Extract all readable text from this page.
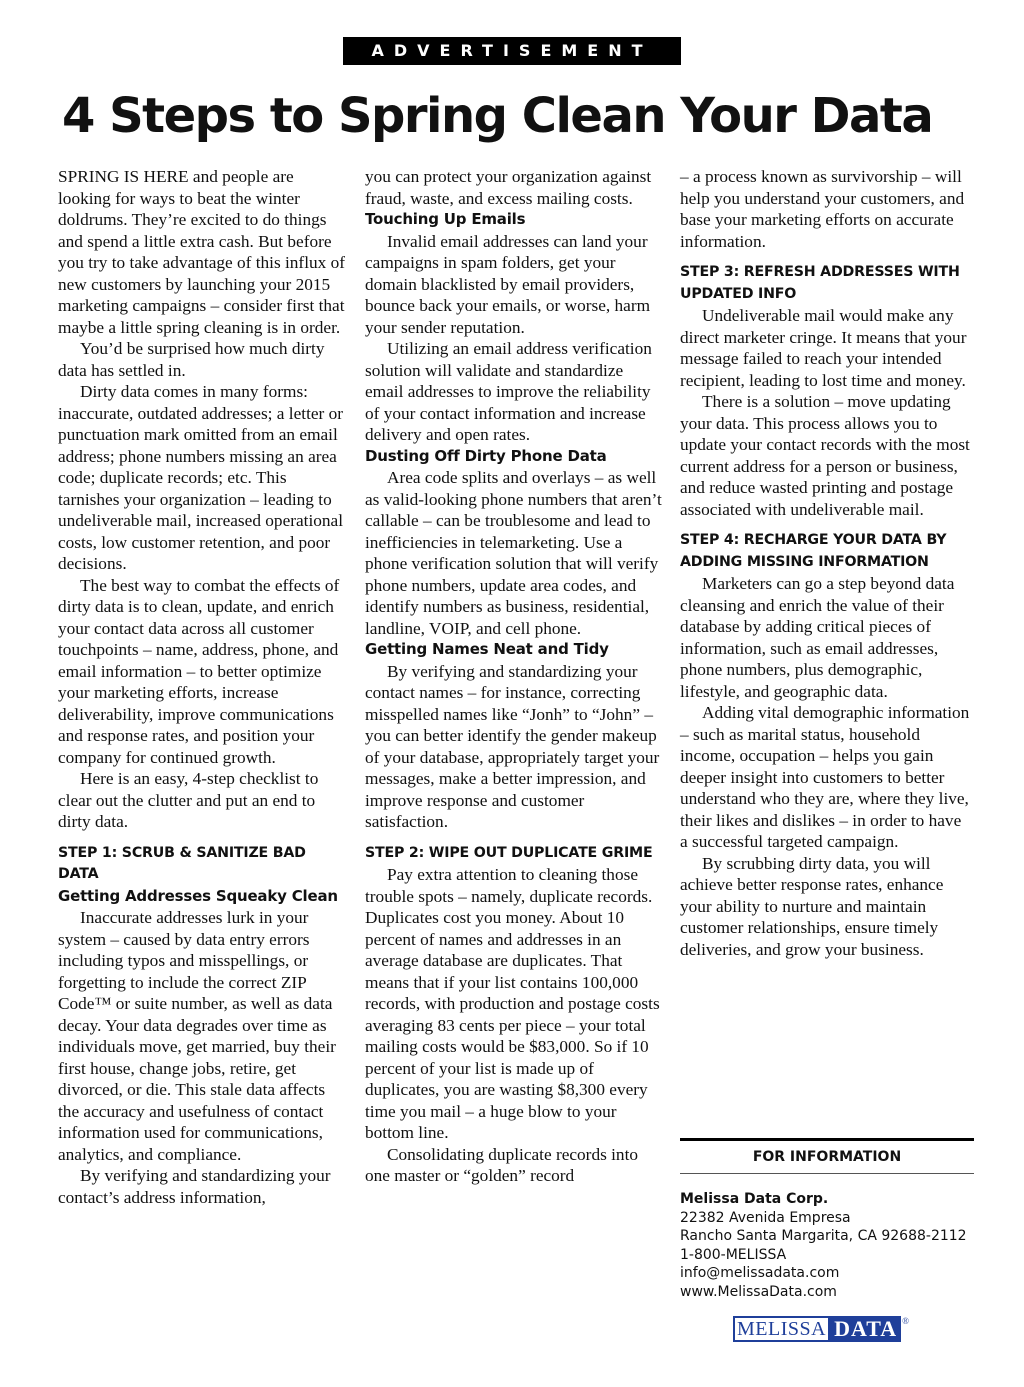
ADVERTISEMENT
4 Steps to Spring Clean Your Data

SPRING IS HERE and people are looking for ways to beat the winter doldrums. They’re excited to do things and spend a little extra cash. But before you try to take advantage of this influx of new customers by launching your 2015 marketing campaigns – consider first that maybe a little spring cleaning is in order.

You’d be surprised how much dirty data has settled in.

Dirty data comes in many forms: inaccurate, outdated addresses; a letter or punctuation mark omitted from an email address; phone numbers missing an area code; duplicate records; etc. This tarnishes your organization – leading to undeliverable mail, increased operational costs, low customer retention, and poor decisions.

The best way to combat the effects of dirty data is to clean, update, and enrich your contact data across all customer touchpoints – name, address, phone, and email information – to better optimize your marketing efforts, increase deliverability, improve communications and response rates, and position your company for continued growth.

Here is an easy, 4-step checklist to clear out the clutter and put an end to dirty data.

STEP 1: SCRUB & SANITIZE BAD DATA

Getting Addresses Squeaky Clean

Inaccurate addresses lurk in your system – caused by data entry errors including typos and misspellings, or forgetting to include the correct ZIP Code™ or suite number, as well as data decay. Your data degrades over time as individuals move, get married, buy their first house, change jobs, retire, get divorced, or die. This stale data affects the accuracy and usefulness of contact information used for communications, analytics, and compliance.

By verifying and standardizing your contact’s address information,

you can protect your organization against fraud, waste, and excess mailing costs.

Touching Up Emails

Invalid email addresses can land your campaigns in spam folders, get your domain blacklisted by email providers, bounce back your emails, or worse, harm your sender reputation.

Utilizing an email address verification solution will validate and standardize email addresses to improve the reliability of your contact information and increase delivery and open rates.

Dusting Off Dirty Phone Data

Area code splits and overlays – as well as valid-looking phone numbers that aren’t callable – can be troublesome and lead to inefficiencies in telemarketing. Use a phone verification solution that will verify phone numbers, update area codes, and identify numbers as business, residential, landline, VOIP, and cell phone.

Getting Names Neat and Tidy

By verifying and standardizing your contact names – for instance, correcting misspelled names like “Jonh” to “John” – you can better identify the gender makeup of your database, appropriately target your messages, make a better impression, and improve response and customer satisfaction.

STEP 2: WIPE OUT DUPLICATE GRIME

Pay extra attention to cleaning those trouble spots – namely, duplicate records. Duplicates cost you money. About 10 percent of names and addresses in an average database are duplicates. That means that if your list contains 100,000 records, with production and postage costs averaging 83 cents per piece – your total mailing costs would be $83,000. So if 10 percent of your list is made up of duplicates, you are wasting $8,300 every time you mail – a huge blow to your bottom line.

Consolidating duplicate records into one master or “golden” record

– a process known as survivorship – will help you understand your customers, and base your marketing efforts on accurate information.

STEP 3: REFRESH ADDRESSES WITH UPDATED INFO

Undeliverable mail would make any direct marketer cringe. It means that your message failed to reach your intended recipient, leading to lost time and money.

There is a solution – move updating your data. This process allows you to update your contact records with the most current address for a person or business, and reduce wasted printing and postage associated with undeliverable mail.

STEP 4: RECHARGE YOUR DATA BY ADDING MISSING INFORMATION

Marketers can go a step beyond data cleansing and enrich the value of their database by adding critical pieces of information, such as email addresses, phone numbers, plus demographic, lifestyle, and geographic data.

Adding vital demographic information – such as marital status, household income, occupation – helps you gain deeper insight into customers to better understand who they are, where they live, their likes and dislikes – in order to have a successful targeted campaign.

By scrubbing dirty data, you will achieve better response rates, enhance your ability to nurture and maintain customer relationships, ensure timely deliveries, and grow your business.

FOR INFORMATION
Melissa Data Corp.
22382 Avenida Empresa
Rancho Santa Margarita, CA 92688-2112
1-800-MELISSA
info@melissadata.com
www.MelissaData.com
MELISSA DATA ®
